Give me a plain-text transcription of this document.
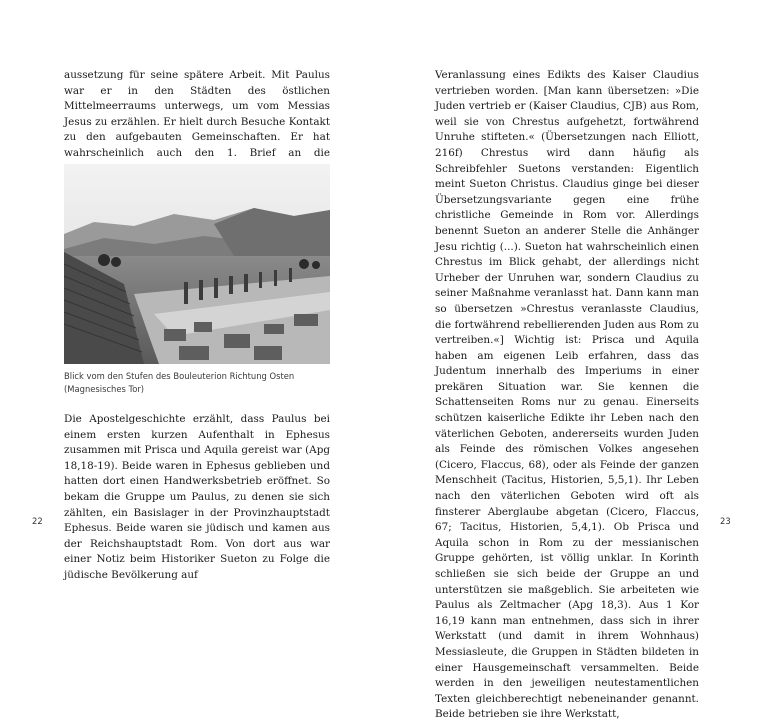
aussetzung für seine spätere Arbeit. Mit Paulus war er in den Städten des östlichen Mittelmeerraums unterwegs, um vom Messias Jesus zu erzählen. Er hielt durch Besuche Kontakt zu den aufgebauten Gemeinschaften. Er hat wahrscheinlich auch den 1. Brief an die

Blick vom den Stufen des Bouleuterion Richtung Osten
(Magnesisches Tor)

Die Apostelgeschichte erzählt, dass Paulus bei einem ersten kurzen Aufenthalt in Ephesus zusammen mit Prisca und Aquila gereist war (Apg 18,18-19). Beide waren in Ephesus geblieben und hatten dort einen Handwerksbetrieb eröffnet. So bekam die Gruppe um Paulus, zu denen sie sich zählten, ein Basislager in der Provinzhauptstadt Ephesus. Beide waren sie jüdisch und kamen aus der Reichshauptstadt Rom. Von dort aus war einer Notiz beim Historiker Sueton zu Folge die jüdische Bevölkerung auf

22

Veranlassung eines Edikts des Kaiser Claudius vertrieben worden. [Man kann übersetzen: »Die Juden vertrieb er (Kaiser Claudius, CJB) aus Rom, weil sie von Chrestus aufgehetzt, fortwährend Unruhe stifteten.« (Übersetzungen nach Elliott, 216f) Chrestus wird dann häufig als Schreibfehler Suetons verstanden: Eigentlich meint Sueton Christus. Claudius ginge bei dieser Übersetzungsvariante gegen eine frühe christliche Gemeinde in Rom vor. Allerdings benennt Sueton an anderer Stelle die Anhänger Jesu richtig (...). Sueton hat wahrscheinlich einen Chrestus im Blick gehabt, der allerdings nicht Urheber der Unruhen war, sondern Claudius zu seiner Maßnahme veranlasst hat. Dann kann man so übersetzen »Chrestus veranlasste Claudius, die fortwährend rebellierenden Juden aus Rom zu vertreiben.«] Wichtig ist: Prisca und Aquila haben am eigenen Leib erfahren, dass das Judentum innerhalb des Imperiums in einer prekären Situation war. Sie kennen die Schattenseiten Roms nur zu genau. Einerseits schützen kaiserliche Edikte ihr Leben nach den väterlichen Geboten, andererseits wurden Juden als Feinde des römischen Volkes angesehen (Cicero, Flaccus, 68), oder als Feinde der ganzen Menschheit (Tacitus, Historien, 5,5,1). Ihr Leben nach den väterlichen Geboten wird oft als finsterer Aberglaube abgetan (Cicero, Flaccus, 67; Tacitus, Historien, 5,4,1). Ob Prisca und Aquila schon in Rom zu der messianischen Gruppe gehörten, ist völlig unklar. In Korinth schließen sie sich beide der Gruppe an und unterstützen sie maßgeblich. Sie arbeiteten wie Paulus als Zeltmacher (Apg 18,3). Aus 1 Kor 16,19 kann man entnehmen, dass sich in ihrer Werkstatt (und damit in ihrem Wohnhaus) Messiasleute, die Gruppen in Städten bildeten in einer Hausgemeinschaft versammelten. Beide werden in den jeweiligen neutestamentlichen Texten gleichberechtigt nebeneinander genannt. Beide betrieben sie ihre Werkstatt,

23
